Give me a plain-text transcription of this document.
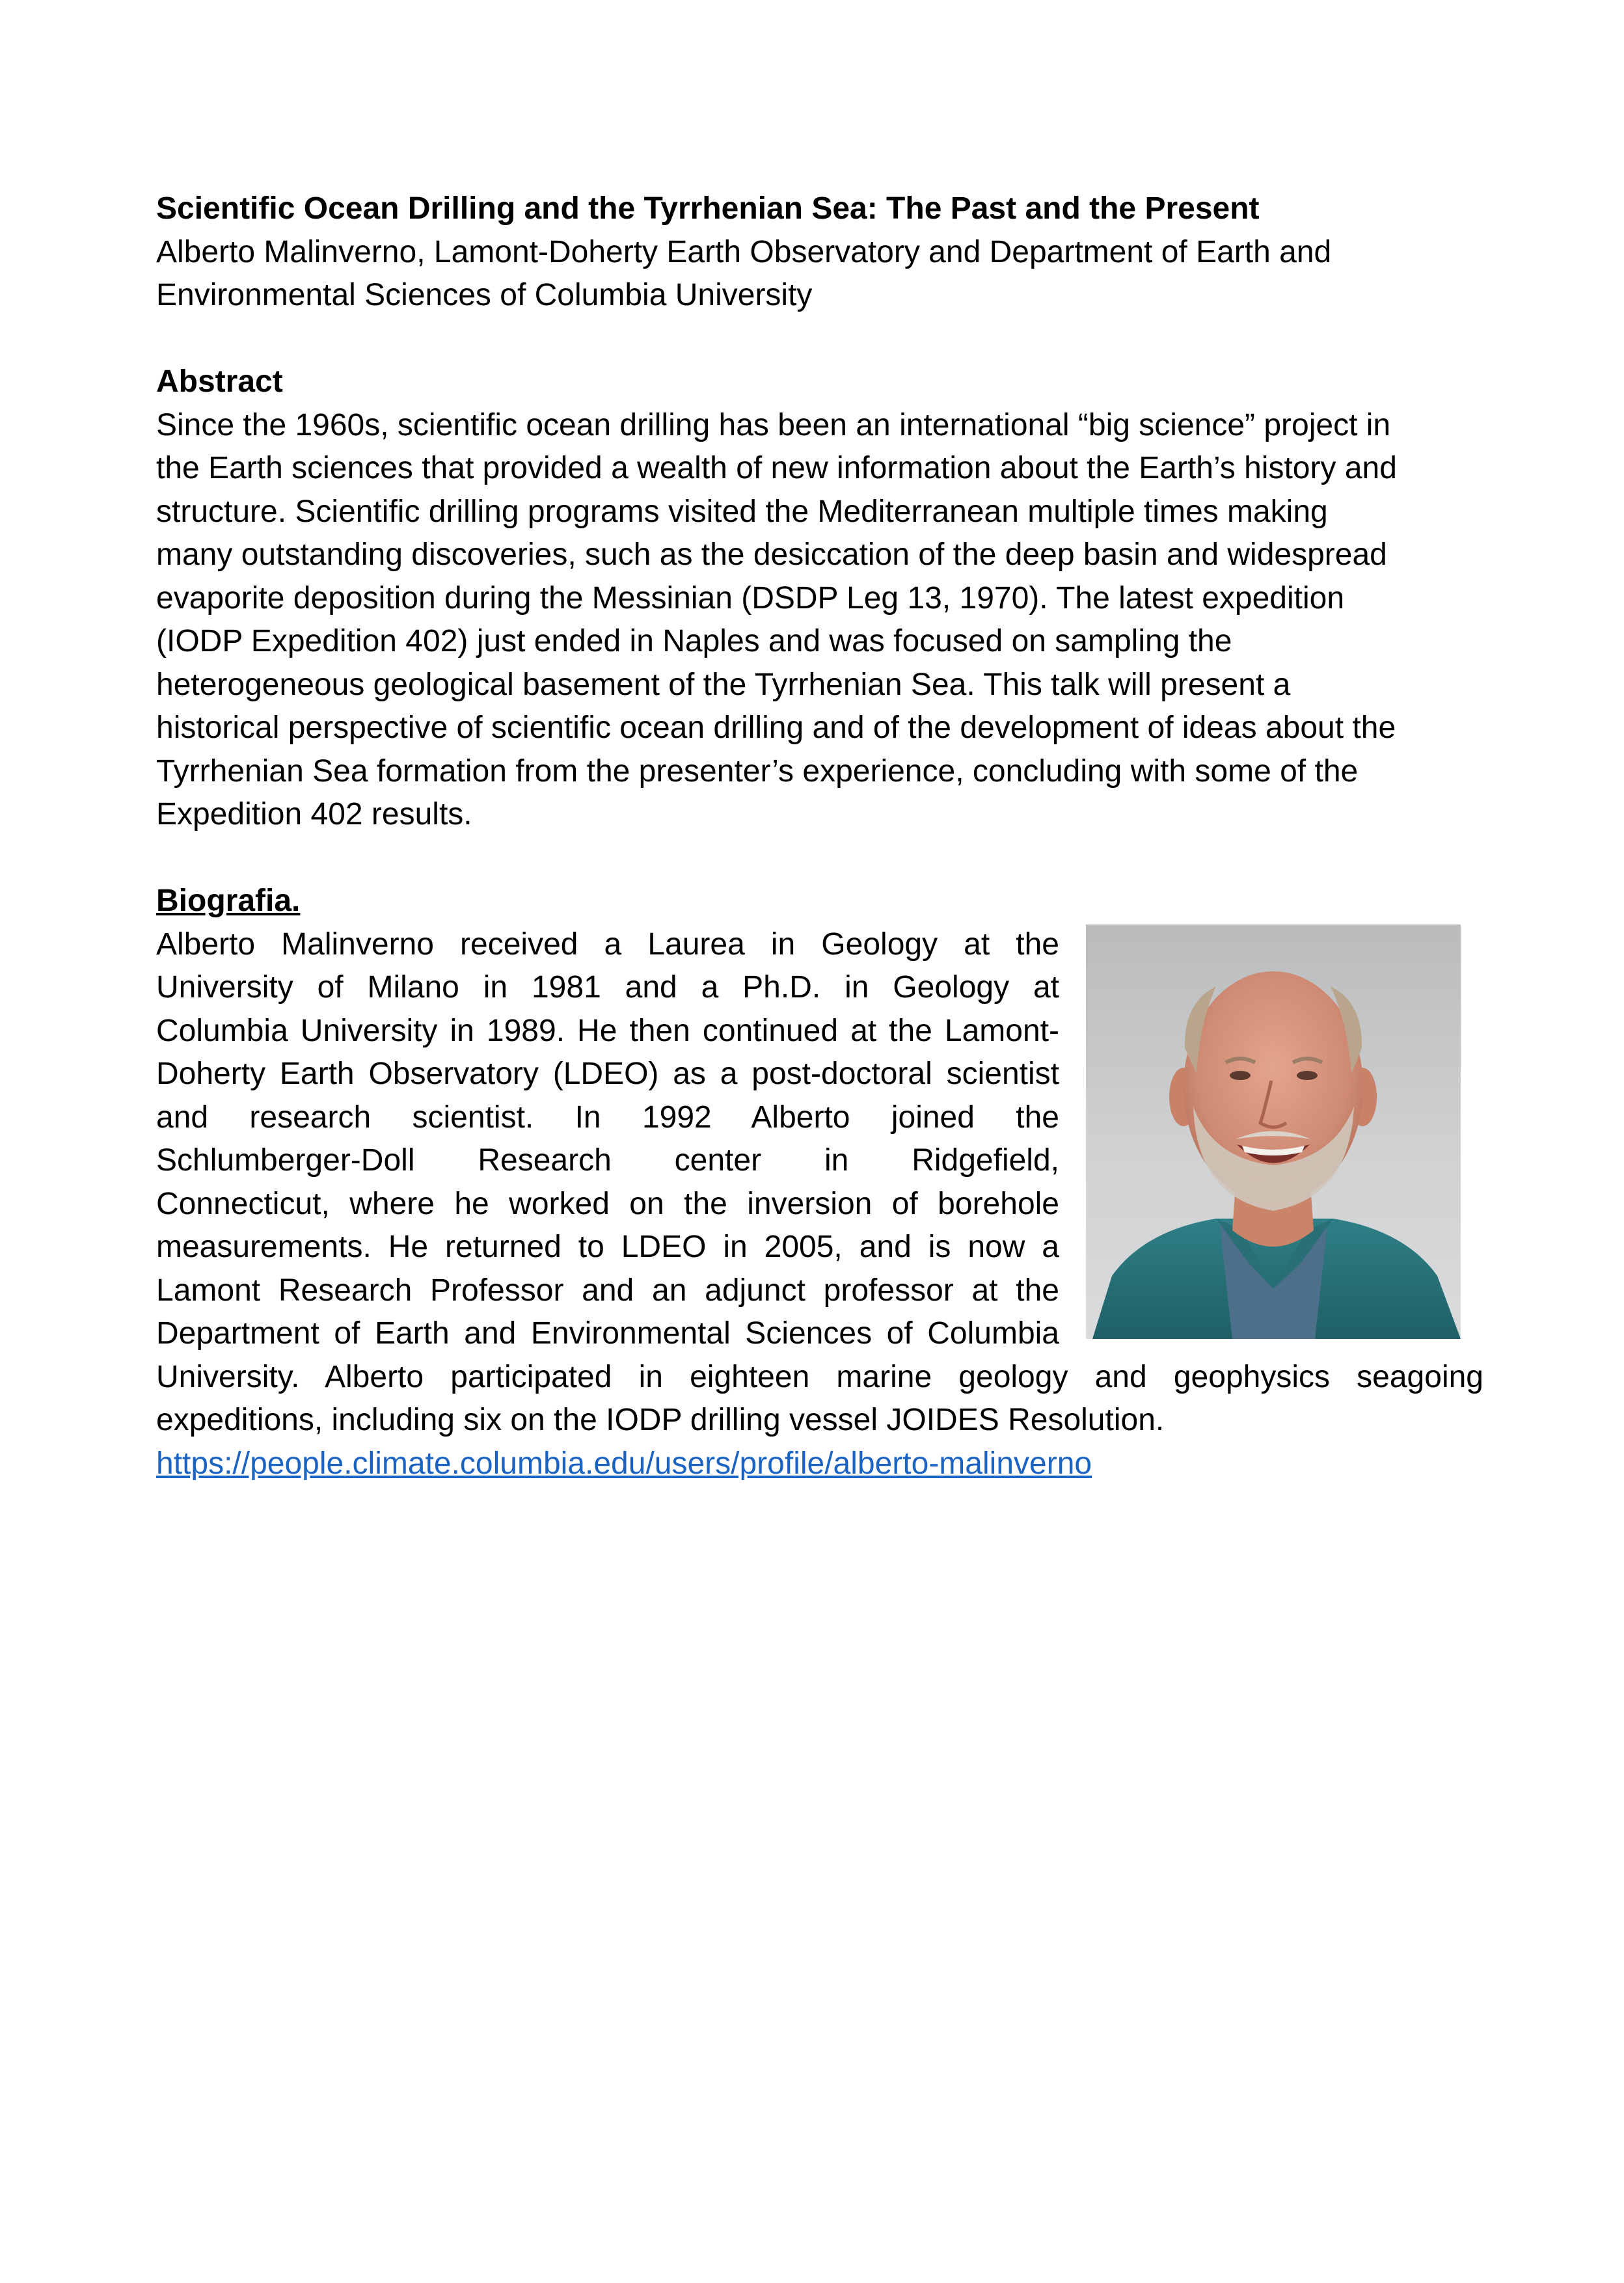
Scientific Ocean Drilling and the Tyrrhenian Sea: The Past and the Present
Alberto Malinverno, Lamont-Doherty Earth Observatory and Department of Earth and
Environmental Sciences of Columbia University
Abstract
Since the 1960s, scientific ocean drilling has been an international “big science” project in
the Earth sciences that provided a wealth of new information about the Earth’s history and
structure. Scientific drilling programs visited the Mediterranean multiple times making
many outstanding discoveries, such as the desiccation of the deep basin and widespread
evaporite deposition during the Messinian (DSDP Leg 13, 1970). The latest expedition
(IODP Expedition 402) just ended in Naples and was focused on sampling the
heterogeneous geological basement of the Tyrrhenian Sea. This talk will present a
historical perspective of scientific ocean drilling and of the development of ideas about the
Tyrrhenian Sea formation from the presenter’s experience, concluding with some of the
Expedition 402 results.
Biografia.
Alberto Malinverno received a Laurea in Geology at the
University of Milano in 1981 and a Ph.D. in Geology at
Columbia University in 1989. He then continued at the Lamont-
Doherty Earth Observatory (LDEO) as a post-doctoral scientist
and research scientist. In 1992 Alberto joined the
Schlumberger-Doll Research center in Ridgefield,
Connecticut, where he worked on the inversion of borehole
measurements. He returned to LDEO in 2005, and is now a
Lamont Research Professor and an adjunct professor at the
Department of Earth and Environmental Sciences of Columbia
University. Alberto participated in eighteen marine geology and geophysics seagoing
expeditions, including six on the IODP drilling vessel JOIDES Resolution.
https://people.climate.columbia.edu/users/profile/alberto-malinverno
